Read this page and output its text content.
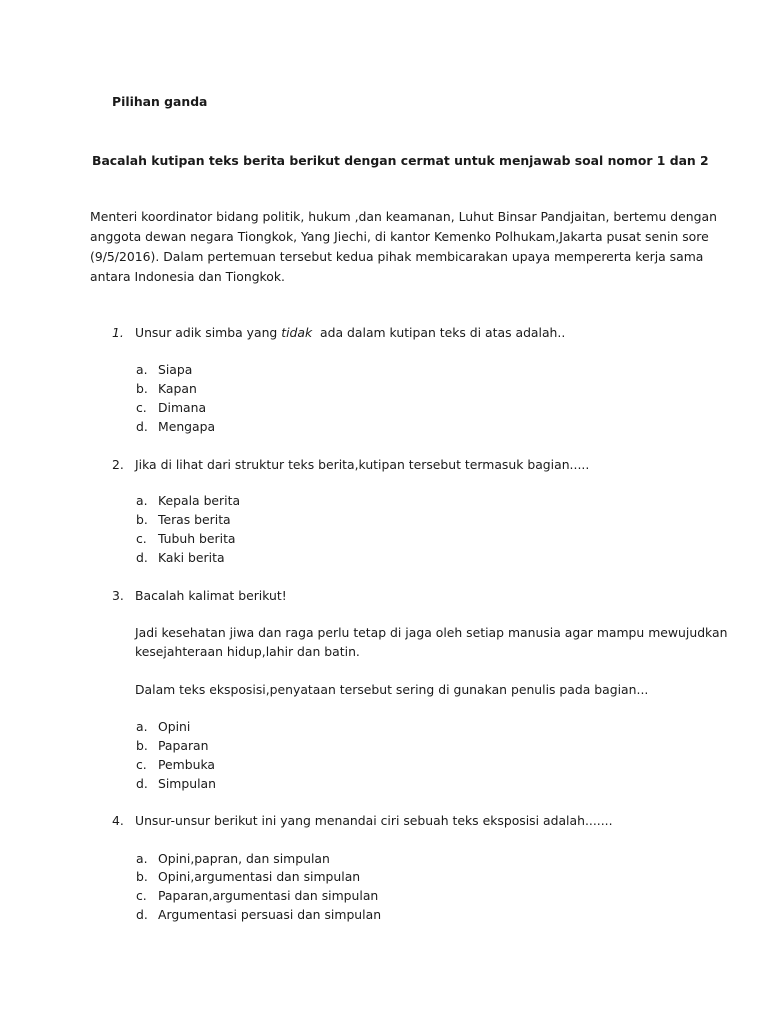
Pilihan ganda
Bacalah kutipan teks berita berikut dengan cermat untuk menjawab soal nomor 1 dan 2
Menteri koordinator bidang politik, hukum ,dan keamanan, Luhut Binsar Pandjaitan, bertemu dengan
anggota dewan negara Tiongkok, Yang Jiechi, di kantor Kemenko Polhukam,Jakarta pusat senin sore
(9/5/2016). Dalam pertemuan tersebut kedua pihak membicarakan upaya memperertа kerja sama
antara Indonesia dan Tiongkok.
1. Unsur adik simba yang tidak  ada dalam kutipan teks di atas adalah..
a. Siapa
b. Kapan
c. Dimana
d. Mengapa
2. Jika di lihat dari struktur teks berita,kutipan tersebut termasuk bagian.....
a. Kepala berita
b. Teras berita
c. Tubuh berita
d. Kaki berita
3. Bacalah kalimat berikut!
Jadi kesehatan jiwa dan raga perlu tetap di jaga oleh setiap manusia agar mampu mewujudkan
kesejahteraan hidup,lahir dan batin.
Dalam teks eksposisi,penyataan tersebut sering di gunakan penulis pada bagian...
a. Opini
b. Paparan
c. Pembuka
d. Simpulan
4. Unsur-unsur berikut ini yang menandai ciri sebuah teks eksposisi adalah.......
a. Opini,papran, dan simpulan
b. Opini,argumentasi dan simpulan
c. Paparan,argumentasi dan simpulan
d. Argumentasi persuasi dan simpulan
